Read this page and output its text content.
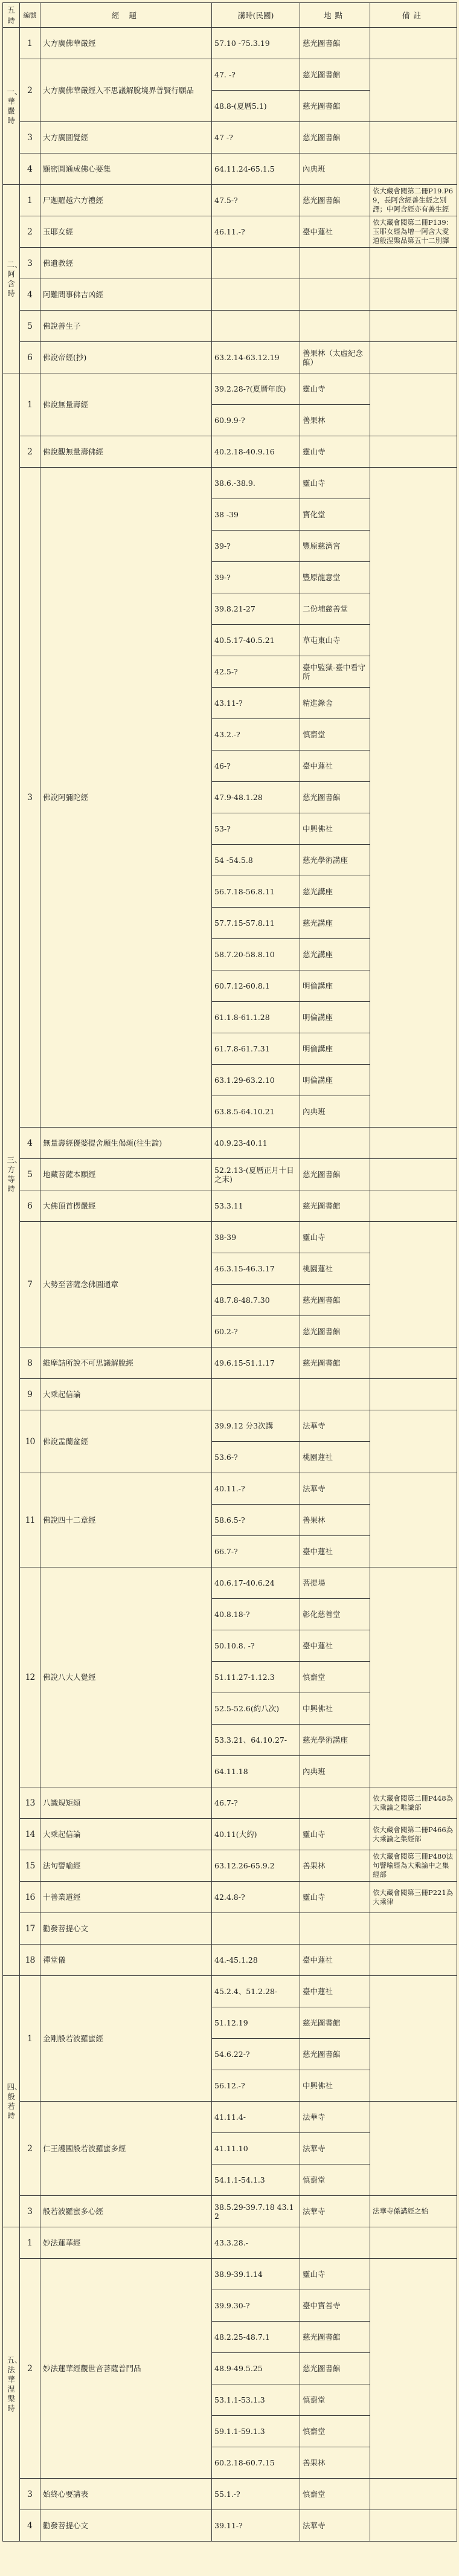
五時	編號	經 題	講時(民國)	地點	備註
一、華嚴時	1	大方廣佛華嚴經	57.10 -75.3.19	慈光圖書館	
	2	大方廣佛華嚴經入不思議解脫境界普賢行願品	47. -?	慈光圖書館	
			48.8-(夏曆5.1)	慈光圖書館	
	3	大方廣圓覺經	47 -?	慈光圖書館	
	4	顯密圓通成佛心要集	64.11.24-65.1.5	內典班	
二、阿含時	1	尸迦羅越六方禮經	47.5-?	慈光圖書館	依大藏會閱第二冊P19.P69，長阿含經善生經之別譯；中阿含經亦有善生經
	2	玉耶女經	46.11.-?	臺中蓮社	依大藏會閱第二冊P139：玉耶女經為增一阿含大愛道般涅槃品第五十二別譯
	3	佛遺教經			
	4	阿難問事佛吉凶經			
	5	佛說善生子			
	6	佛說帝經(抄)	63.2.14-63.12.19	善果林（太虛紀念館）	
三、方等時	1	佛說無量壽經	39.2.28-?(夏曆年底)	靈山寺	
			60.9.9-?	善果林	
	2	佛說觀無量壽佛經	40.2.18-40.9.16	靈山寺	
	3	佛說阿彌陀經	38.6.-38.9.	靈山寺	
			38 -39	寶化堂	
			39-?	豐原慈濟宮	
			39-?	豐原龍意堂	
			39.8.21-27	二份埔慈善堂	
			40.5.17-40.5.21	草屯東山寺	
			42.5-?	臺中監獄-臺中看守所	
			43.11-?	精進錄舍	
			43.2.-?	慎齋堂	
			46-?	臺中蓮社	
			47.9-48.1.28	慈光圖書館	
			53-?	中興佛社	
			54 -54.5.8	慈光學術講座	
			56.7.18-56.8.11	慈光講座	
			57.7.15-57.8.11	慈光講座	
			58.7.20-58.8.10	慈光講座	
			60.7.12-60.8.1	明倫講座	
			61.1.8-61.1.28	明倫講座	
			61.7.8-61.7.31	明倫講座	
			63.1.29-63.2.10	明倫講座	
			63.8.5-64.10.21	內典班	
	4	無量壽經優婆提舍願生偈頌(往生論)	40.9.23-40.11		
	5	地藏菩薩本願經	52.2.13-(夏曆正月十日之末)	慈光圖書館	
	6	大佛頂首楞嚴經	53.3.11	慈光圖書館	
	7	大勢至菩薩念佛圓通章	38-39	靈山寺	
			46.3.15-46.3.17	桃園蓮社	
			48.7.8-48.7.30	慈光圖書館	
			60.2-?	慈光圖書館	
	8	維摩詰所說不可思議解脫經	49.6.15-51.1.17	慈光圖書館	
	9	大乘起信論			
	10	佛說盂蘭盆經	39.9.12 分3次講	法華寺	
			53.6-?	桃園蓮社	
	11	佛說四十二章經	40.11.-?	法華寺	
			58.6.5-?	善果林	
			66.7-?	臺中蓮社	
	12	佛說八大人覺經	40.6.17-40.6.24	菩提場	
			40.8.18-?	彰化慈善堂	
			50.10.8. -?	臺中蓮社	
			51.11.27-1.12.3	慎齋堂	
			52.5-52.6(約八次)	中興佛社	
			53.3.21、64.10.27-	慈光學術講座	
			64.11.18	內典班	
	13	八識規矩頌	46.7-?		依大藏會閱第二冊P448為大乘論之唯識部
	14	大乘起信論	40.11(大約)	靈山寺	依大藏會閱第二冊P466為大乘論之集經部
	15	法句譬喻經	63.12.26-65.9.2	善果林	依大藏會閱第三冊P480法句譬喻經為大乘論中之集經部
	16	十善業道經	42.4.8-?	靈山寺	依大藏會閱第三冊P221為大乘律
	17	勸發菩提心文			
	18	禪堂儀	44.-45.1.28	臺中蓮社	
四、般若時	1	金剛般若波羅蜜經	45.2.4、51.2.28-	臺中蓮社	
			51.12.19	慈光圖書館	
			54.6.22-?	慈光圖書館	
			56.12.-?	中興佛社	
	2	仁王護國般若波羅蜜多經	41.11.4-	法華寺	
			41.11.10	法華寺	
			54.1.1-54.1.3	慎齋堂	
	3	般若波羅蜜多心經	38.5.29-39.7.18 43.12	法華寺	法華寺係講經之始
五、法華涅槃時	1	妙法蓮華經	43.3.28.-		
	2	妙法蓮華經觀世音菩薩普門品	38.9-39.1.14	靈山寺	
			39.9.30-?	臺中寶善寺	
			48.2.25-48.7.1	慈光圖書館	
			48.9-49.5.25	慈光圖書館	
			53.1.1-53.1.3	慎齋堂	
			59.1.1-59.1.3	慎齋堂	
			60.2.18-60.7.15	善果林	
	3	始終心要講表	55.1.-?	慎齋堂	
	4	勸發菩提心文	39.11-?	法華寺	
